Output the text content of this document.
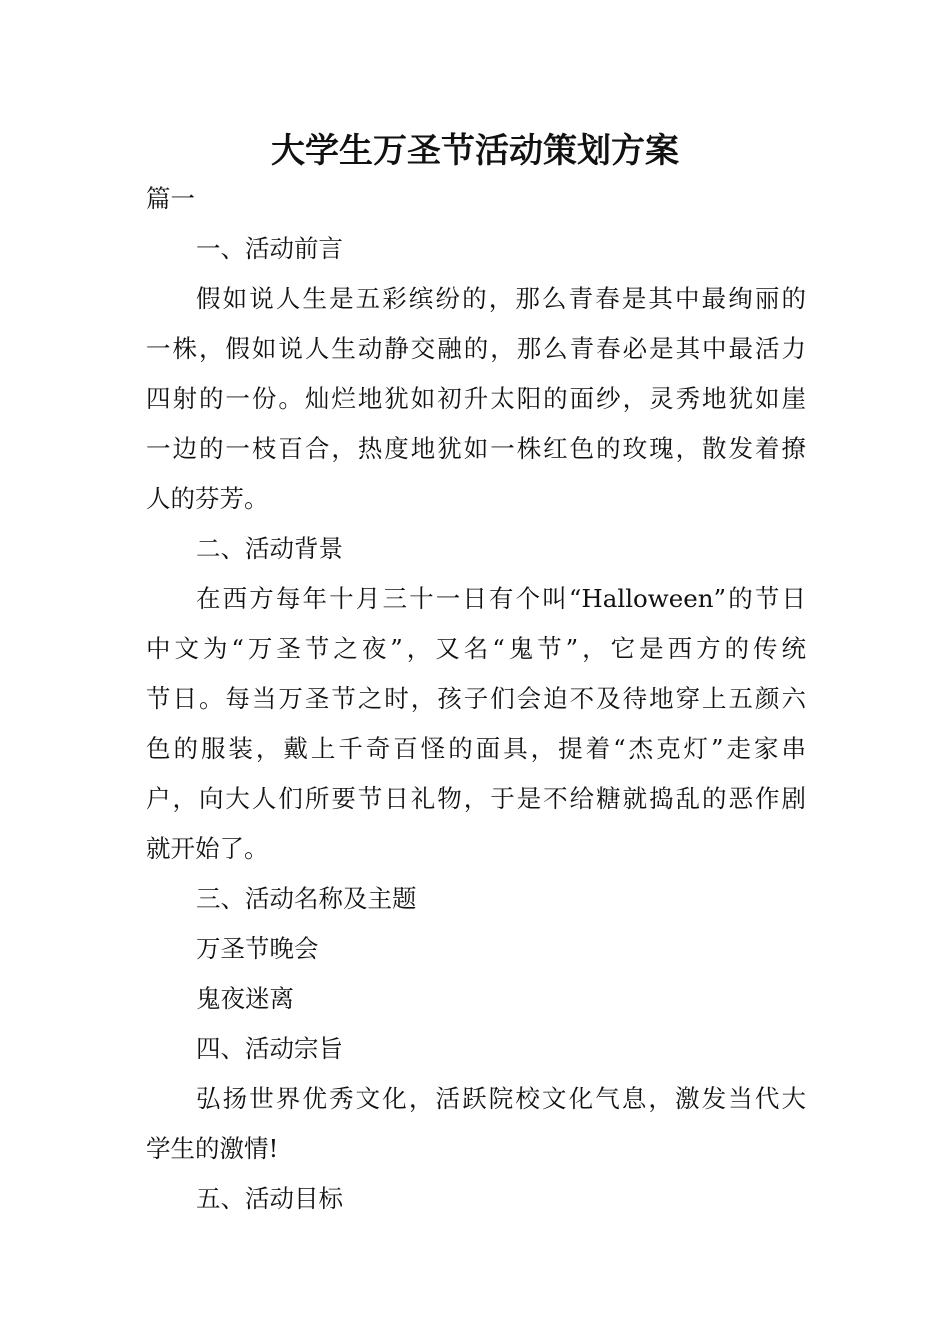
大学生万圣节活动策划方案

篇一

一、活动前言

假如说人生是五彩缤纷的，那么青春是其中最绚丽的

一株，假如说人生动静交融的，那么青春必是其中最活力

四射的一份。灿烂地犹如初升太阳的面纱，灵秀地犹如崖

一边的一枝百合，热度地犹如一株红色的玫瑰，散发着撩

人的芬芳。

二、活动背景

在西方每年十月三十一日有个叫“Halloween”的节日

中文为“万圣节之夜”，又名“鬼节”，它是西方的传统

节日。每当万圣节之时，孩子们会迫不及待地穿上五颜六

色的服装，戴上千奇百怪的面具，提着“杰克灯”走家串

户，向大人们所要节日礼物，于是不给糖就捣乱的恶作剧

就开始了。

三、活动名称及主题

万圣节晚会

鬼夜迷离

四、活动宗旨

弘扬世界优秀文化，活跃院校文化气息，激发当代大

学生的激情!

五、活动目标
